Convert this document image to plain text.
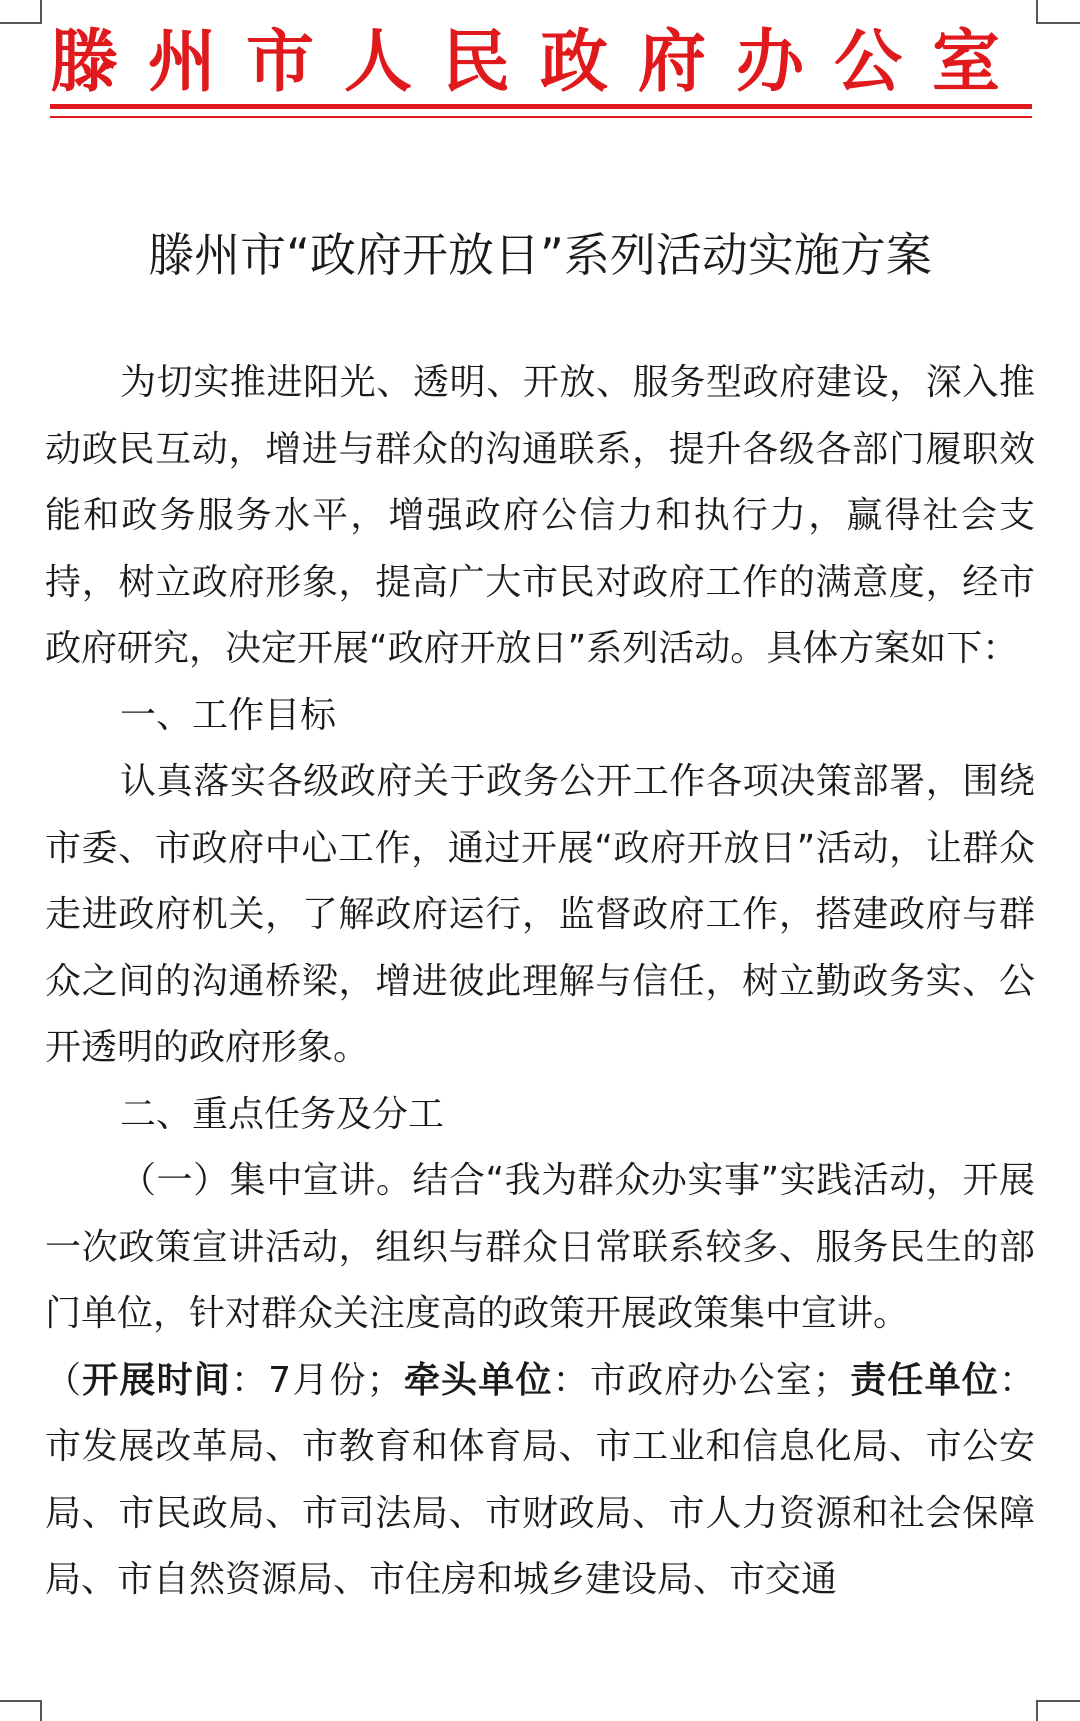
滕州市人民政府办公室
滕州市“政府开放日”系列活动实施方案

为切实推进阳光、透明、开放、服务型政府建设，深入推动政民互动，增进与群众的沟通联系，提升各级各部门履职效能和政务服务水平，增强政府公信力和执行力，赢得社会支持，树立政府形象，提高广大市民对政府工作的满意度，经市政府研究，决定开展“政府开放日”系列活动。具体方案如下：

一、工作目标

认真落实各级政府关于政务公开工作各项决策部署，围绕市委、市政府中心工作，通过开展“政府开放日”活动，让群众走进政府机关，了解政府运行，监督政府工作，搭建政府与群众之间的沟通桥梁，增进彼此理解与信任，树立勤政务实、公开透明的政府形象。

二、重点任务及分工

（一）集中宣讲。结合“我为群众办实事”实践活动，开展一次政策宣讲活动，组织与群众日常联系较多、服务民生的部门单位，针对群众关注度高的政策开展政策集中宣讲。

（开展时间：7月份；牵头单位：市政府办公室；责任单位：市发展改革局、市教育和体育局、市工业和信息化局、市公安局、市民政局、市司法局、市财政局、市人力资源和社会保障局、市自然资源局、市住房和城乡建设局、市交通
